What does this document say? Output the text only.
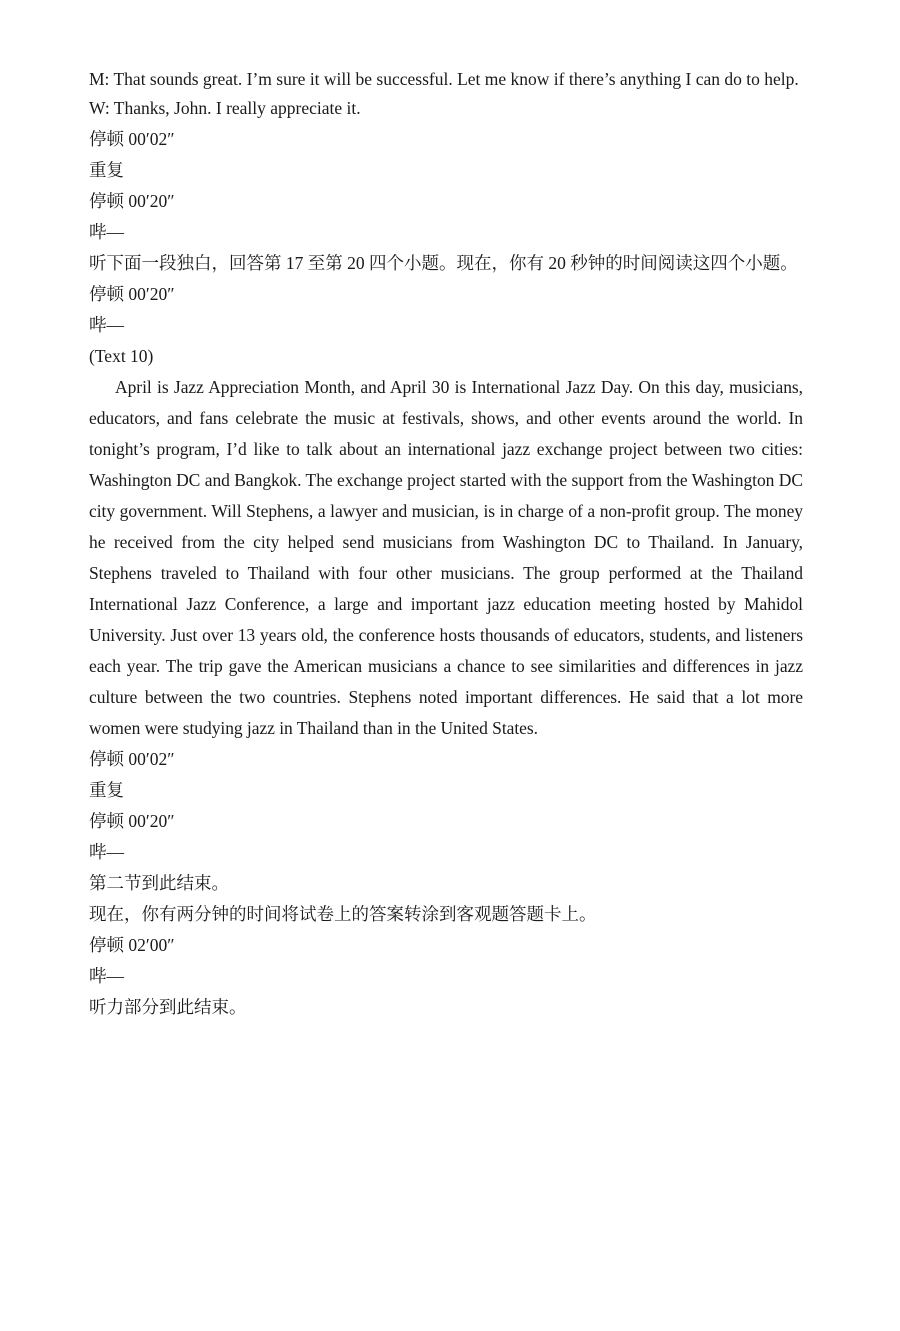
M: That sounds great. I’m sure it will be successful. Let me know if there’s anything I can do to help.

W: Thanks, John. I really appreciate it.

停顿 00′02″

重复

停顿 00′20″

哔—

听下面一段独白，回答第 17 至第 20 四个小题。现在，你有 20 秒钟的时间阅读这四个小题。

停顿 00′20″

哔—

(Text 10)

April is Jazz Appreciation Month, and April 30 is International Jazz Day. On this day, musicians, educators, and fans celebrate the music at festivals, shows, and other events around the world. In tonight’s program, I’d like to talk about an international jazz exchange project between two cities: Washington DC and Bangkok. The exchange project started with the support from the Washington DC city government. Will Stephens, a lawyer and musician, is in charge of a non-profit group. The money he received from the city helped send musicians from Washington DC to Thailand. In January, Stephens traveled to Thailand with four other musicians. The group performed at the Thailand International Jazz Conference, a large and important jazz education meeting hosted by Mahidol University. Just over 13 years old, the conference hosts thousands of educators, students, and listeners each year. The trip gave the American musicians a chance to see similarities and differences in jazz culture between the two countries. Stephens noted important differences. He said that a lot more women were studying jazz in Thailand than in the United States.

停顿 00′02″

重复

停顿 00′20″

哔—

第二节到此结束。

现在，你有两分钟的时间将试卷上的答案转涂到客观题答题卡上。

停顿 02′00″

哔—

听力部分到此结束。
